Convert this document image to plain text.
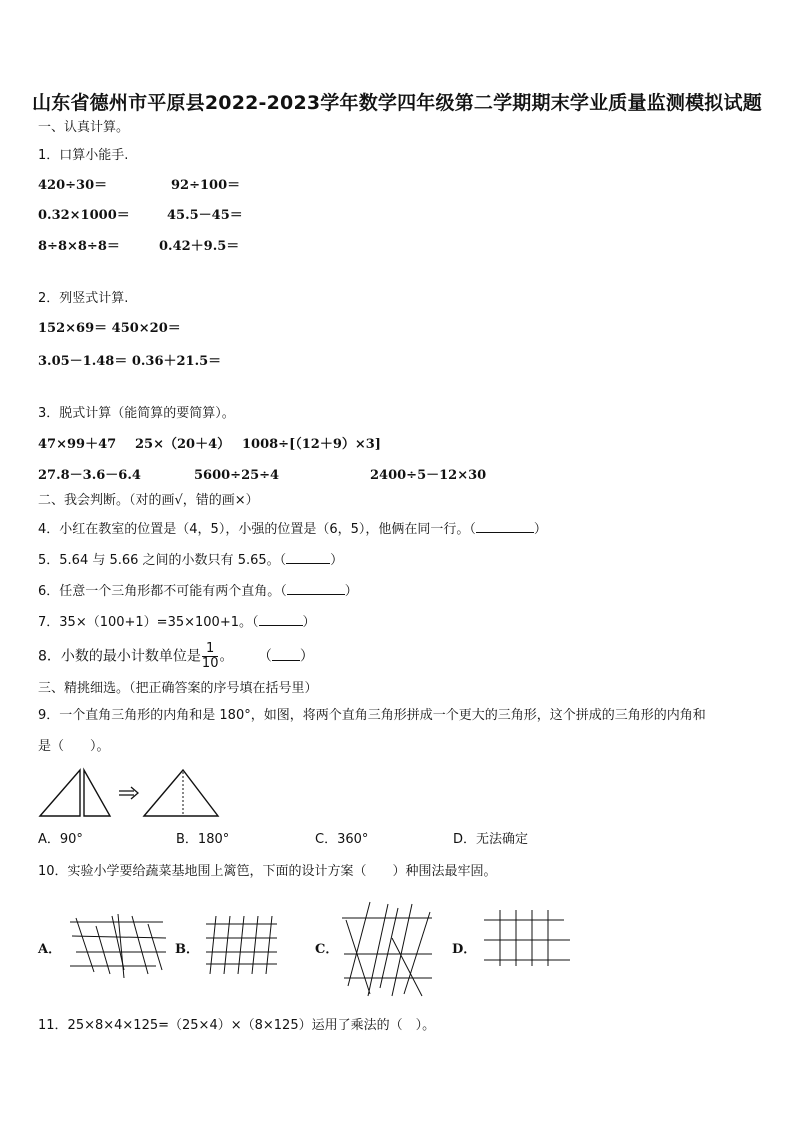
山东省德州市平原县2022-2023学年数学四年级第二学期期末学业质量监测模拟试题
一、认真计算。
1．口算小能手.
420÷30＝	92÷100＝
0.32×1000＝	45.5－45＝
8÷8×8÷8＝	0.42＋9.5＝
2．列竖式计算.
152×69＝ 450×20＝
3.05－1.48＝ 0.36＋21.5＝
3．脱式计算（能简算的要简算）。
47×99＋47 25×（20＋4） 1008÷[（12＋9）×3]
27.8－3.6－6.4	5600÷25÷4	2400÷5－12×30
二、我会判断。（对的画√，错的画×）
4．小红在教室的位置是（4，5），小强的位置是（6，5），他俩在同一行。（	）
5．5.64 与 5.66 之间的小数只有 5.65。（	）
6．任意一个三角形都不可能有两个直角。（	）
7．35×（100+1）=35×100+1。（	）
8．小数的最小计数单位是 $\frac{1}{10}$ 。 （ ）
三、精挑细选。（把正确答案的序号填在括号里）
9．一个直角三角形的内角和是 180°，如图，将两个直角三角形拼成一个更大的三角形，这个拼成的三角形的内角和
是（　　）。
A．90°	B．180°	C．360°	D．无法确定
10．实验小学要给蔬菜基地围上篱笆，下面的设计方案（　　）种围法最牢固。
A．	B．	C．	D．
11．25×8×4×125=（25×4）×（8×125）运用了乘法的（　）。
